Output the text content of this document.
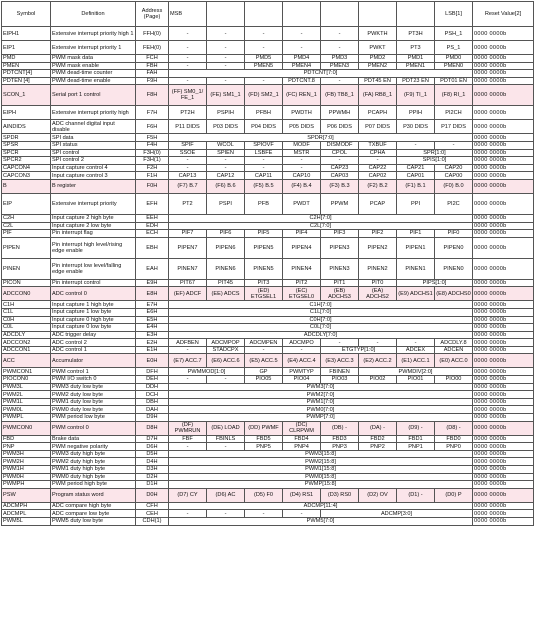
Symbol	Definition	Address (Page)	MSB							LSB[1]	Reset Value[2]
EIPH1	Extensive interrupt priority high 1	FFH(0)	-	-	-	-	-	PWKTH	PT3H	PSH_1	0000 0000b
EIP1	Extensive interrupt priority 1	FEH(0)	-	-	-	-	-	PWKT	PT3	PS_1	0000 0000b
PMD	PWM mask data	FCH	-	-	PMD5	PMD4	PMD3	PMD2	PMD1	PMD0	0000 0000b
PMEN	PWM mask enable	FBH	-	-	PMEN5	PMEN4	PMEN3	PMEN2	PMEN1	PMEN0	0000 0000b
PDTCNT[4]	PWM dead-time counter	FAH	PDTCNT[7:0]								0000 0000b
PDTEN [4]	PWM dead-time enable	F9H	-	-	-	PDTCNT.8	-	PDT45 EN	PDT23 EN	PDT01 EN	0000 0000b
SCON_1	Serial port 1 control	F8H	(FF) SM0_1/ FE_1	(FE) SM1_1	(FD) SM2_1	(FC) REN_1	(FB) TB8_1	(FA) RB8_1	(F9) TI_1	(F8) RI_1	0000 0000b
EIPH	Extensive interrupt priority high	F7H	PT2H	PSPIH	PFBH	PWDTH	PPWMH	PCAPH	PPIH	PI2CH	0000 0000b
AINDIDS	ADC channel digital input disable	F6H	P11 DIDS	P03 DIDS	P04 DIDS	P05 DIDS	P06 DIDS	P07 DIDS	P30 DIDS	P17 DIDS	0000 0000b
SPDR	SPI data	F5H	SPDR[7:0]								0000 0000b
SPSR	SPI status	F4H	SPIF	WCOL	SPIOVF	MODF	DISMODF	TXBUF	-	-	0000 0000b
SPCR	SPI control	F3H(0)	SSOE	SPIEN	LSBFE	MSTR	CPOL	CPHA	SPR[1:0]		0000 0000b
SPCR2	SPI control 2	F3H(1)	-	-	-	-	-	-	SPIS[1:0]		0000 0000b
CAPCON4	Input capture control 4	F2H	-	-	-	-	CAP23	CAP22	CAP21	CAP20	0000 0000b
CAPCON3	Input capture control 3	F1H	CAP13	CAP12	CAP11	CAP10	CAP03	CAP02	CAP01	CAP00	0000 0000b
B	B register	F0H	(F7) B.7	(F6) B.6	(F5) B.5	(F4) B.4	(F3) B.3	(F2) B.2	(F1) B.1	(F0) B.0	0000 0000b
EIP	Extensive interrupt priority	EFH	PT2	PSPI	PFB	PWDT	PPWM	PCAP	PPI	PI2C	0000 0000b
C2H	Input capture 2 high byte	EEH	C2H[7:0]								0000 0000b
C2L	Input capture 2 low byte	EDH	C2L[7:0]								0000 0000b
PIF	Pin interrupt flag	ECH	PIF7	PIF6	PIF5	PIF4	PIF3	PIF2	PIF1	PIF0	0000 0000b
PIPEN	Pin interrupt high level/rising edge enable	EBH	PIPEN7	PIPEN6	PIPEN5	PIPEN4	PIPEN3	PIPEN2	PIPEN1	PIPEN0	0000 0000b
PINEN	Pin interrupt low level/falling edge enable	EAH	PINEN7	PINEN6	PINEN5	PINEN4	PINEN3	PINEN2	PINEN1	PINEN0	0000 0000b
PICON	Pin interrupt control	E9H	PIT67	PIT45	PIT3	PIT2	PIT1	PIT0	PIPS[1:0]		0000 0000b
ADCCON0	ADC control 0	E8H	(EF) ADCF	(EE) ADCS	(ED) ETGSEL1	(EC) ETGSEL0	(EB) ADCHS3	(EA) ADCHS2	(E9) ADCHS1	(E8) ADCHS0	0000 0000b
C1H	Input capture 1 high byte	E7H	C1H[7:0]								0000 0000b
C1L	Input capture 1 low byte	E6H	C1L[7:0]								0000 0000b
C0H	Input capture 0 high byte	E5H	C0H[7:0]								0000 0000b
C0L	Input capture 0 low byte	E4H	C0L[7:0]								0000 0000b
ADCDLY	ADC trigger delay	E3H	ADCDLY[7:0]								0000 0000b
ADCCON2	ADC control 2	E2H	ADFBEN	ADCMPOP	ADCMPEN	ADCMPO	-	-	-	ADCDLY.8	0000 0000b
ADCCON1	ADC control 1	E1H	-	STADCPX	-	-	ETGTYP[1:0]		ADCEX	ADCEN	0000 0000b
ACC	Accumulator	E0H	(E7) ACC.7	(E6) ACC.6	(E5) ACC.5	(E4) ACC.4	(E3) ACC.3	(E2) ACC.2	(E1) ACC.1	(E0) ACC.0	0000 0000b
PWMCON1	PWM control 1	DFH	PWMMOD[1:0]		GP	PWMTYP	FBINEN	PWMDIV[2:0]			0000 0000b
PIOCON0	PWM I/O switch 0	DEH	-	-	PIO05	PIO04	PIO03	PIO02	PIO01	PIO00	0000 0000b
PWM3L	PWM3 duty low byte	DDH	PWM3[7:0]								0000 0000b
PWM2L	PWM2 duty low byte	DCH	PWM2[7:0]								0000 0000b
PWM1L	PWM1 duty low byte	DBH	PWM1[7:0]								0000 0000b
PWM0L	PWM0 duty low byte	DAH	PWM0[7:0]								0000 0000b
PWMPL	PWM period low byte	D9H	PWMP[7:0]								0000 0000b
PWMCON0	PWM control 0	D8H	(DF) PWMRUN	(DE) LOAD	(DD) PWMF	(DC) CLRPWM	(DB) -	(DA) -	(D9) -	(D8) -	0000 0000b
FBD	Brake data	D7H	FBF	FBINLS	FBD5	FBD4	FBD3	FBD2	FBD1	FBD0	0000 0000b
PNP	PWM negative polarity	D6H	-	-	PNP5	PNP4	PNP3	PNP2	PNP1	PNP0	0000 0000b
PWM3H	PWM3 duty high byte	D5H	PWM3[15:8]								0000 0000b
PWM2H	PWM2 duty high byte	D4H	PWM2[15:8]								0000 0000b
PWM1H	PWM1 duty high byte	D3H	PWM1[15:8]								0000 0000b
PWM0H	PWM0 duty high byte	D2H	PWM0[15:8]								0000 0000b
PWMPH	PWM period high byte	D1H	PWMP[15:8]								0000 0000b
PSW	Program status word	D0H	(D7) CY	(D6) AC	(D5) F0	(D4) RS1	(D3) RS0	(D2) OV	(D1) -	(D0) P	0000 0000b
ADCMPH	ADC compare high byte	CFH	ADCMP[11:4]								0000 0000b
ADCMPL	ADC compare low byte	CEH	-	-	-	-	ADCMP[3:0]				0000 0000b
PWM5L	PWM5 duty low byte	CDH(1)	PWM5[7:0]								0000 0000b
